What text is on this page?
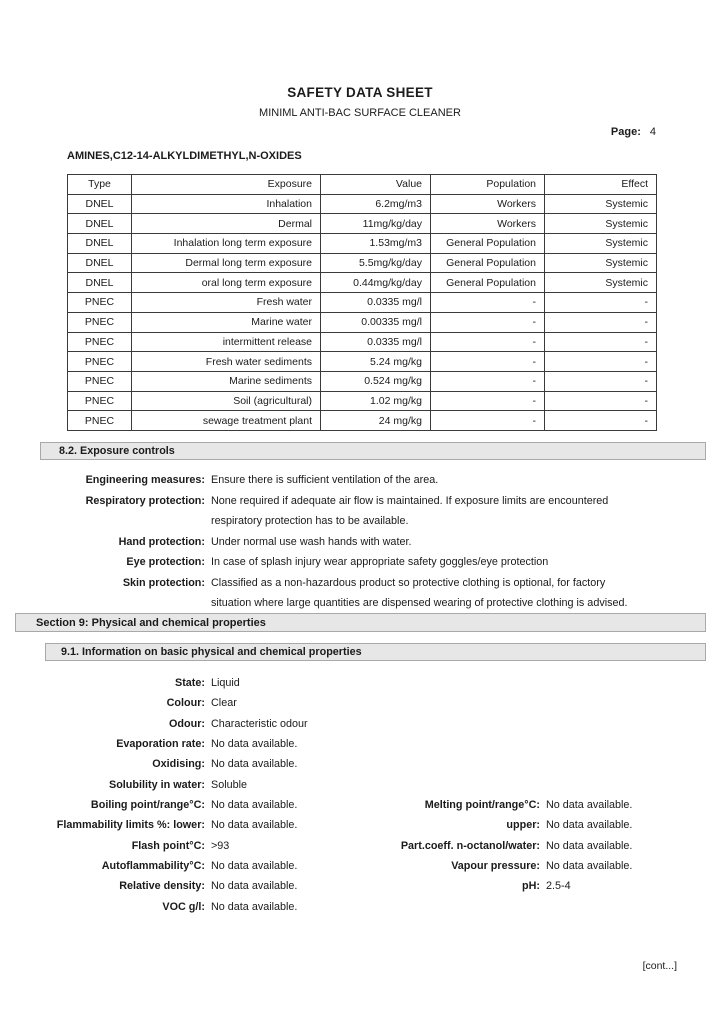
SAFETY DATA SHEET
MINIML ANTI-BAC SURFACE CLEANER
Page: 4
AMINES,C12-14-ALKYLDIMETHYL,N-OXIDES
Type	Exposure	Value	Population	Effect
DNEL	Inhalation	6.2mg/m3	Workers	Systemic
DNEL	Dermal	11mg/kg/day	Workers	Systemic
DNEL	Inhalation long term exposure	1.53mg/m3	General Population	Systemic
DNEL	Dermal long term exposure	5.5mg/kg/day	General Population	Systemic
DNEL	oral long term exposure	0.44mg/kg/day	General Population	Systemic
PNEC	Fresh water	0.0335 mg/l	-	-
PNEC	Marine water	0.00335 mg/l	-	-
PNEC	intermittent release	0.0335 mg/l	-	-
PNEC	Fresh water sediments	5.24 mg/kg	-	-
PNEC	Marine sediments	0.524 mg/kg	-	-
PNEC	Soil (agricultural)	1.02 mg/kg	-	-
PNEC	sewage treatment plant	24 mg/kg	-	-
8.2. Exposure controls
Engineering measures: Ensure there is sufficient ventilation of the area.
Respiratory protection: None required if adequate air flow is maintained. If exposure limits are encountered
respiratory protection has to be available.
Hand protection: Under normal use wash hands with water.
Eye protection: In case of splash injury wear appropriate safety goggles/eye protection
Skin protection: Classified as a non-hazardous product so protective clothing is optional, for factory
situation where large quantities are dispensed wearing of protective clothing is advised.
Section 9: Physical and chemical properties
9.1. Information on basic physical and chemical properties
State: Liquid
Colour: Clear
Odour: Characteristic odour
Evaporation rate: No data available.
Oxidising: No data available.
Solubility in water: Soluble
Boiling point/range°C: No data available.	Melting point/range°C: No data available.
Flammability limits %: lower: No data available.	upper: No data available.
Flash point°C: >93	Part.coeff. n-octanol/water: No data available.
Autoflammability°C: No data available.	Vapour pressure: No data available.
Relative density: No data available.	pH: 2.5-4
VOC g/l: No data available.
[cont...]
